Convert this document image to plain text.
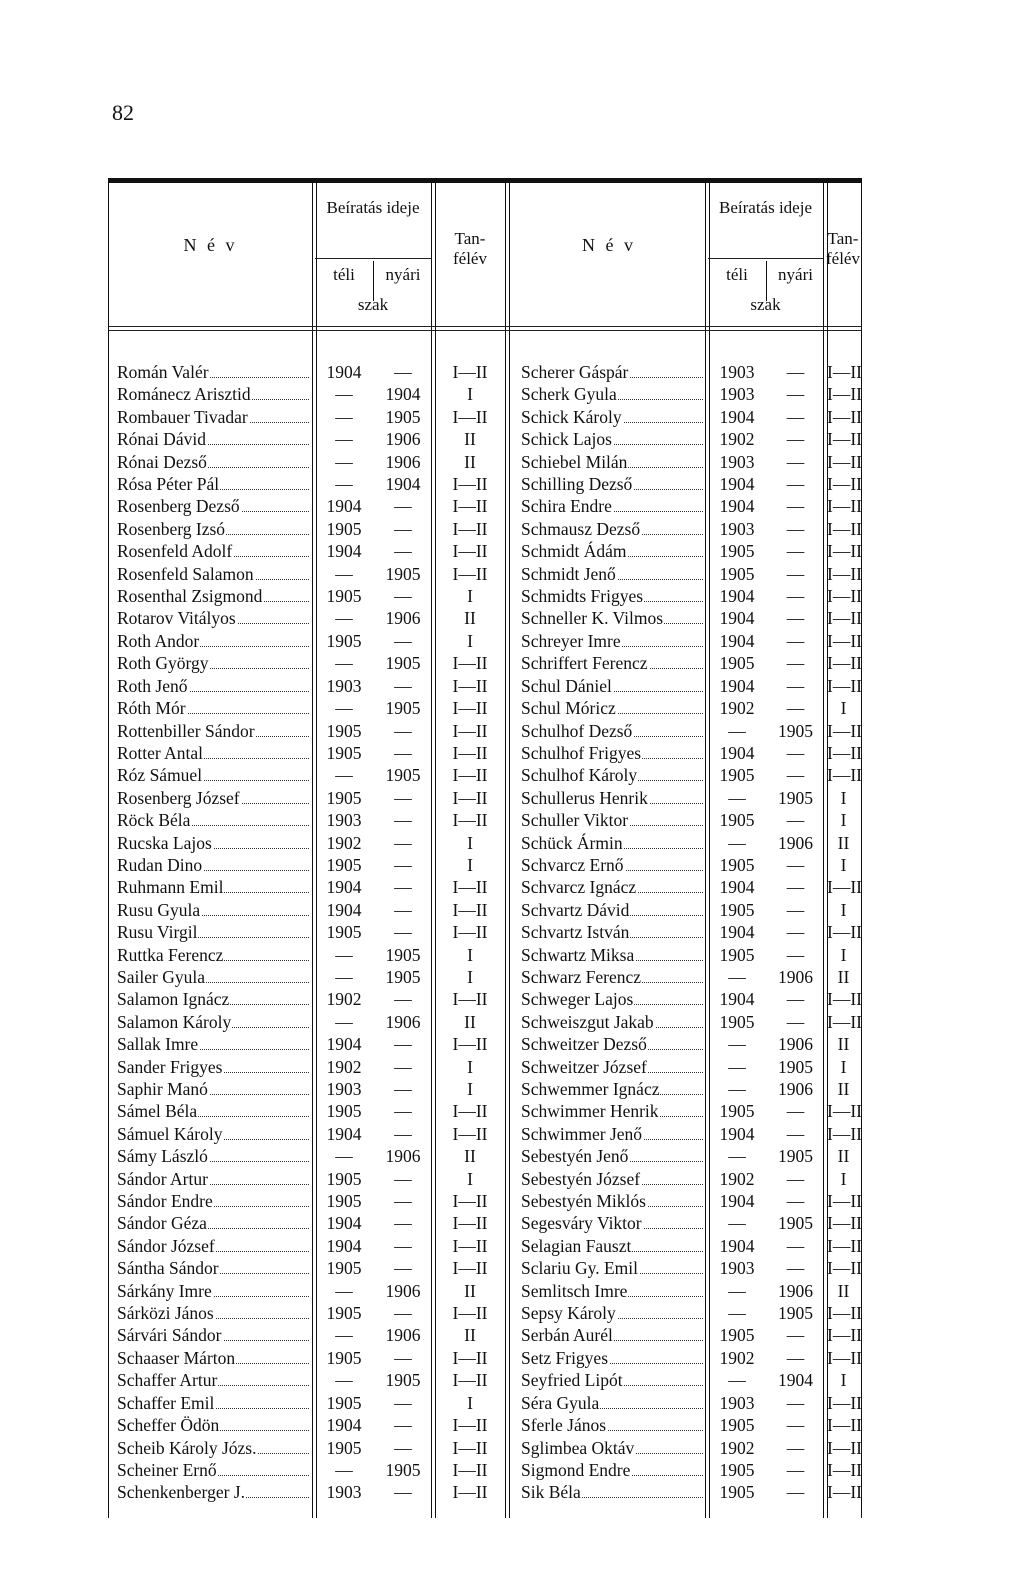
82
N é v
Beíratás ideje
téli	nyári
szak
Tan-
félév
Román Valér	1904	—	I—II
Románecz Arisztid	—	1904	I
Rombauer Tivadar	—	1905	I—II
Rónai Dávid	—	1906	II
Rónai Dezső	—	1906	II
Rósa Péter Pál	—	1904	I—II
Rosenberg Dezső	1904	—	I—II
Rosenberg Izsó	1905	—	I—II
Rosenfeld Adolf	1904	—	I—II
Rosenfeld Salamon	—	1905	I—II
Rosenthal Zsigmond	1905	—	I
Rotarov Vitályos	—	1906	II
Roth Andor	1905	—	I
Roth György	—	1905	I—II
Roth Jenő	1903	—	I—II
Róth Mór	—	1905	I—II
Rottenbiller Sándor	1905	—	I—II
Rotter Antal	1905	—	I—II
Róz Sámuel	—	1905	I—II
Rosenberg József	1905	—	I—II
Röck Béla	1903	—	I—II
Rucska Lajos	1902	—	I
Rudan Dino	1905	—	I
Ruhmann Emil	1904	—	I—II
Rusu Gyula	1904	—	I—II
Rusu Virgil	1905	—	I—II
Ruttka Ferencz	—	1905	I
Sailer Gyula	—	1905	I
Salamon Ignácz	1902	—	I—II
Salamon Károly	—	1906	II
Sallak Imre	1904	—	I—II
Sander Frigyes	1902	—	I
Saphir Manó	1903	—	I
Sámel Béla	1905	—	I—II
Sámuel Károly	1904	—	I—II
Sámy László	—	1906	II
Sándor Artur	1905	—	I
Sándor Endre	1905	—	I—II
Sándor Géza	1904	—	I—II
Sándor József	1904	—	I—II
Sántha Sándor	1905	—	I—II
Sárkány Imre	—	1906	II
Sárközi János	1905	—	I—II
Sárvári Sándor	—	1906	II
Schaaser Márton	1905	—	I—II
Schaffer Artur	—	1905	I—II
Schaffer Emil	1905	—	I
Scheffer Ödön	1904	—	I—II
Scheib Károly Józs.	1905	—	I—II
Scheiner Ernő	—	1905	I—II
Schenkenberger J.	1903	—	I—II
N é v
Beíratás ideje
téli	nyári
szak
Tan-
félév
Scherer Gáspár	1903	—	I—II
Scherk Gyula	1903	—	I—II
Schick Károly	1904	—	I—II
Schick Lajos	1902	—	I—II
Schiebel Milán	1903	—	I—II
Schilling Dezső	1904	—	I—II
Schira Endre	1904	—	I—II
Schmausz Dezső	1903	—	I—II
Schmidt Ádám	1905	—	I—II
Schmidt Jenő	1905	—	I—II
Schmidts Frigyes	1904	—	I—II
Schneller K. Vilmos	1904	—	I—II
Schreyer Imre	1904	—	I—II
Schriffert Ferencz	1905	—	I—II
Schul Dániel	1904	—	I—II
Schul Móricz	1902	—	I
Schulhof Dezső	—	1905 I—II
Schulhof Frigyes	1904	—	I—II
Schulhof Károly	1905	—	I—II
Schullerus Henrik	—	1905	I
Schuller Viktor	1905	—	I
Schück Ármin	—	1906	II
Schvarcz Ernő	1905	—	I
Schvarcz Ignácz	1904	—	I—II
Schvartz Dávid	1905	—	I
Schvartz István	1904	—	I—II
Schwartz Miksa	1905	—	I
Schwarz Ferencz	—	1906	II
Schweger Lajos	1904	—	I—II
Schweiszgut Jakab	1905	—	I—II
Schweitzer Dezső	—	1906	II
Schweitzer József	—	1905	I
Schwemmer Ignácz	—	1906	II
Schwimmer Henrik	1905	—	I—II
Schwimmer Jenő	1904	—	I—II
Sebestyén Jenő	—	1905	II
Sebestyén József	1902	—	I
Sebestyén Miklós	1904	—	I—II
Segesváry Viktor	—	1905 I—II
Selagian Fauszt	1904	—	I—II
Sclariu Gy. Emil	1903	—	I—II
Semlitsch Imre	—	1906	II
Sepsy Károly	—	1905 I—II
Serbán Aurél	1905	—	I—II
Setz Frigyes	1902	—	I—II
Seyfried Lipót	—	1904	I
Séra Gyula	1903	—	I—II
Sferle János	1905	—	I—II
Sglimbea Oktáv	1902	—	I—II
Sigmond Endre	1905	—	I—II
Sik Béla	1905	—	I—II
